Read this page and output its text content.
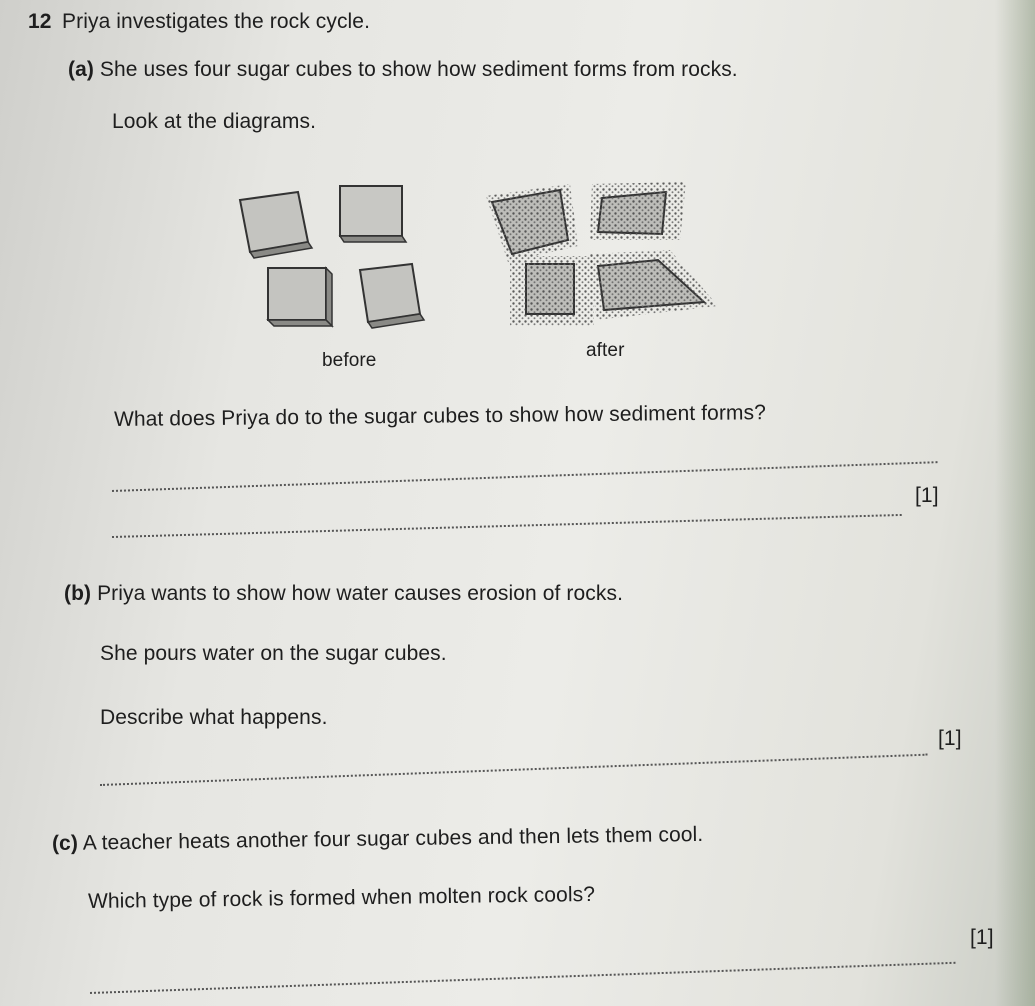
12 Priya investigates the rock cycle.
(a) She uses four sugar cubes to show how sediment forms from rocks.
Look at the diagrams.
before	after
What does Priya do to the sugar cubes to show how sediment forms?
[1]
(b) Priya wants to show how water causes erosion of rocks.
She pours water on the sugar cubes.
Describe what happens.
[1]
(c) A teacher heats another four sugar cubes and then lets them cool.
Which type of rock is formed when molten rock cools?
[1]
